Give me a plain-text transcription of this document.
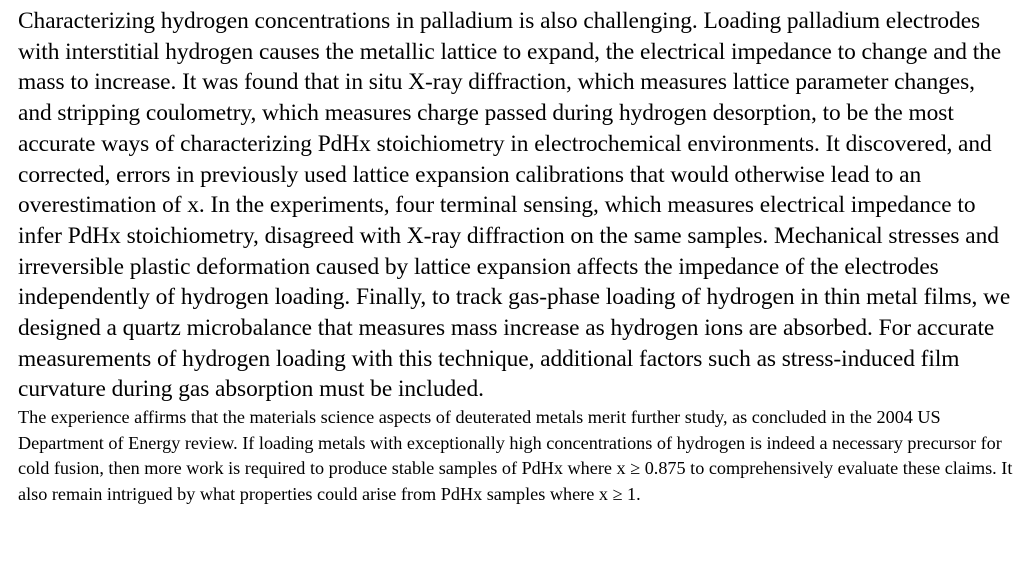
Characterizing hydrogen concentrations in palladium is also challenging. Loading palladium electrodes with interstitial hydrogen causes the metallic lattice to expand, the electrical impedance to change and the mass to increase. It was found that in situ X-ray diffraction, which measures lattice parameter changes, and stripping coulometry, which measures charge passed during hydrogen desorption, to be the most accurate ways of characterizing PdHx stoichiometry in electrochemical environments. It discovered, and corrected, errors in previously used lattice expansion calibrations that would otherwise lead to an overestimation of x. In the experiments, four terminal sensing, which measures electrical impedance to infer PdHx stoichiometry, disagreed with X-ray diffraction on the same samples. Mechanical stresses and irreversible plastic deformation caused by lattice expansion affects the impedance of the electrodes independently of hydrogen loading. Finally, to track gas-phase loading of hydrogen in thin metal films, we designed a quartz microbalance that measures mass increase as hydrogen ions are absorbed. For accurate measurements of hydrogen loading with this technique, additional factors such as stress-induced film curvature during gas absorption must be included.

The experience affirms that the materials science aspects of deuterated metals merit further study, as concluded in the 2004 US Department of Energy review. If loading metals with exceptionally high concentrations of hydrogen is indeed a necessary precursor for cold fusion, then more work is required to produce stable samples of PdHx where x ≥ 0.875 to comprehensively evaluate these claims. It also remain intrigued by what properties could arise from PdHx samples where x ≥ 1.
